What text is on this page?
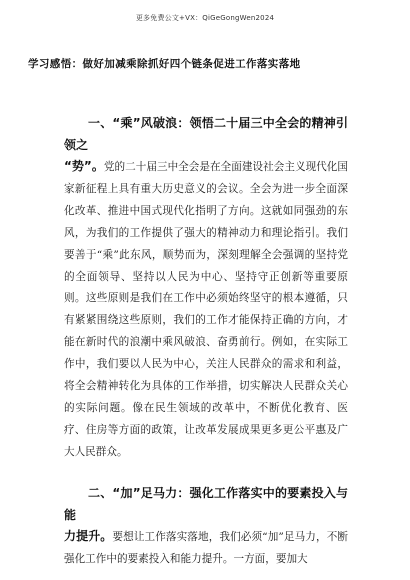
更多免费公文+VX：QiGeGongWen2024
学习感悟：做好加减乘除抓好四个链条促进工作落实落地

一、“乘”风破浪：领悟二十届三中全会的精神引领之

“势”。党的二十届三中全会是在全面建设社会主义现代化国家新征程上具有重大历史意义的会议。全会为进一步全面深化改革、推进中国式现代化指明了方向。这就如同强劲的东风，为我们的工作提供了强大的精神动力和理论指引。我们要善于“乘”此东风，顺势而为，深刻理解全会强调的坚持党的全面领导、坚持以人民为中心、坚持守正创新等重要原则。这些原则是我们在工作中必须始终坚守的根本遵循，只有紧紧围绕这些原则，我们的工作才能保持正确的方向，才能在新时代的浪潮中乘风破浪、奋勇前行。例如，在实际工作中，我们要以人民为中心，关注人民群众的需求和利益，将全会精神转化为具体的工作举措，切实解决人民群众关心的实际问题。像在民生领域的改革中，不断优化教育、医疗、住房等方面的政策，让改革发展成果更多更公平惠及广大人民群众。

二、“加”足马力：强化工作落实中的要素投入与能

力提升。要想让工作落实落地，我们必须“加”足马力，不断强化工作中的要素投入和能力提升。一方面，要加大
